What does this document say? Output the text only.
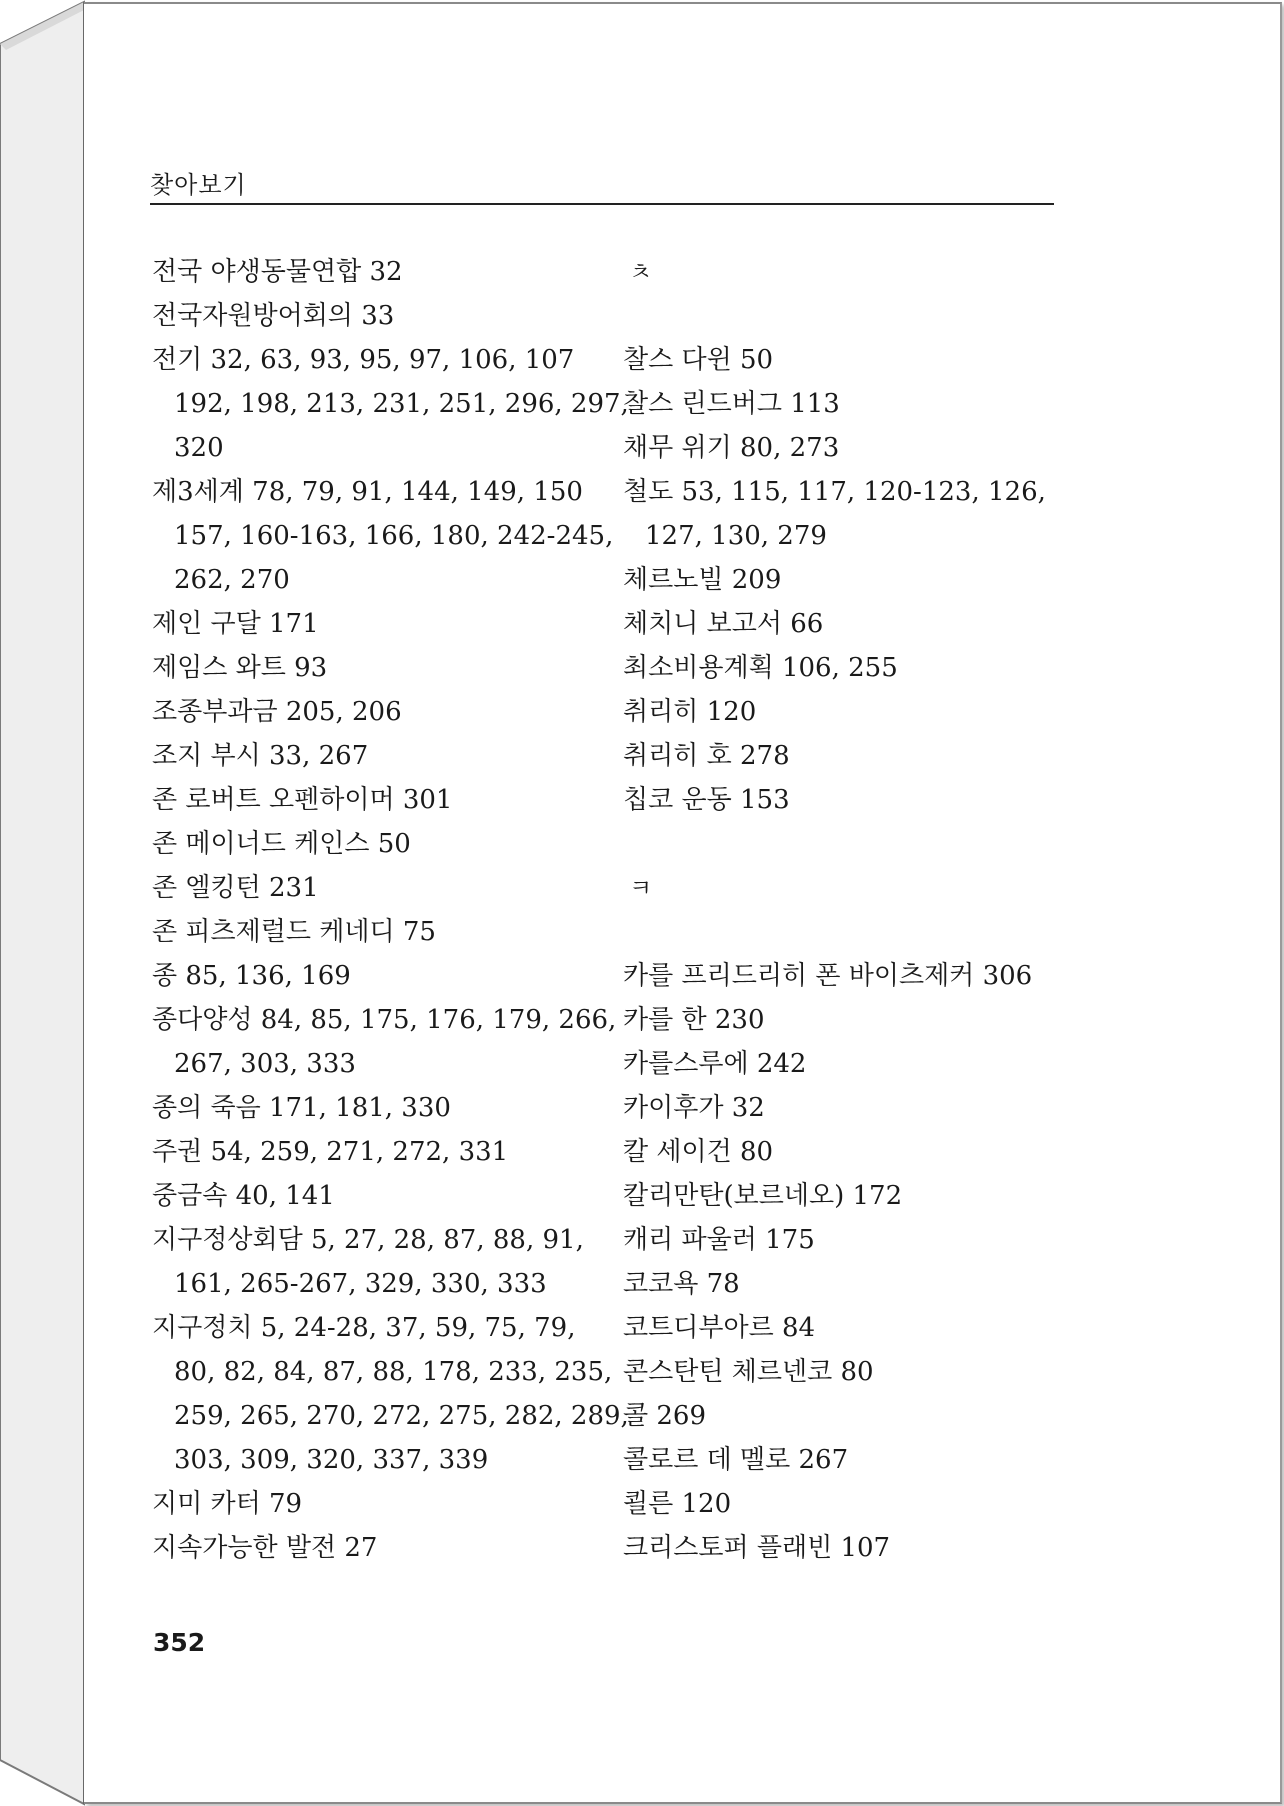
찾아보기
전국 야생동물연합 32
전국자원방어회의 33
전기 32, 63, 93, 95, 97, 106, 107
192, 198, 213, 231, 251, 296, 297,
320
제3세계 78, 79, 91, 144, 149, 150
157, 160-163, 166, 180, 242-245,
262, 270
제인 구달 171
제임스 와트 93
조종부과금 205, 206
조지 부시 33, 267
존 로버트 오펜하이머 301
존 메이너드 케인스 50
존 엘킹턴 231
존 피츠제럴드 케네디 75
종 85, 136, 169
종다양성 84, 85, 175, 176, 179, 266,
267, 303, 333
종의 죽음 171, 181, 330
주권 54, 259, 271, 272, 331
중금속 40, 141
지구정상회담 5, 27, 28, 87, 88, 91,
161, 265-267, 329, 330, 333
지구정치 5, 24-28, 37, 59, 75, 79,
80, 82, 84, 87, 88, 178, 233, 235,
259, 265, 270, 272, 275, 282, 289,
303, 309, 320, 337, 339
지미 카터 79
지속가능한 발전 27
ㅊ
찰스 다윈 50
찰스 린드버그 113
채무 위기 80, 273
철도 53, 115, 117, 120-123, 126,
127, 130, 279
체르노빌 209
체치니 보고서 66
최소비용계획 106, 255
취리히 120
취리히 호 278
칩코 운동 153
ㅋ
카를 프리드리히 폰 바이츠제커 306
카를 한 230
카를스루에 242
카이후가 32
칼 세이건 80
칼리만탄(보르네오) 172
캐리 파울러 175
코코욕 78
코트디부아르 84
콘스탄틴 체르넨코 80
콜 269
콜로르 데 멜로 267
쾰른 120
크리스토퍼 플래빈 107
352
